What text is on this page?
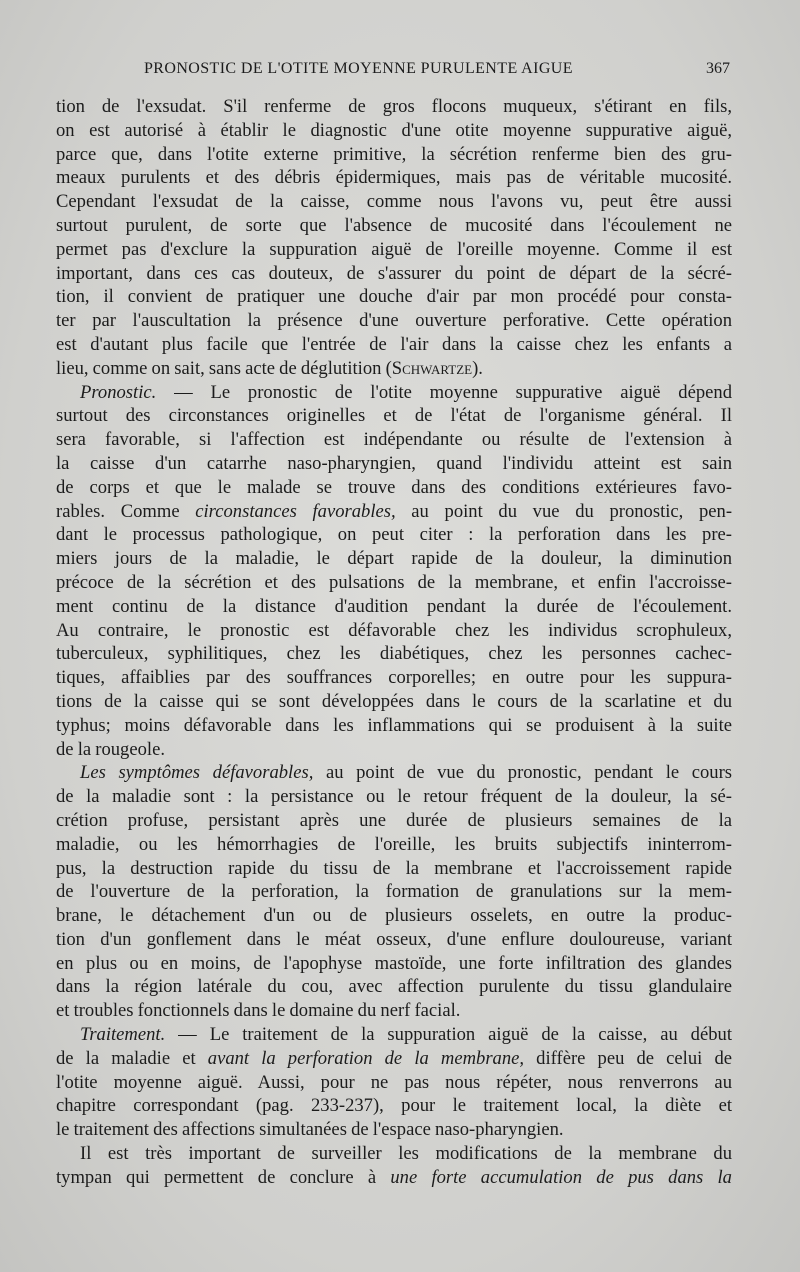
PRONOSTIC DE L'OTITE MOYENNE PURULENTE AIGUE	367
tion de l'exsudat. S'il renferme de gros flocons muqueux, s'étirant en fils,
on est autorisé à établir le diagnostic d'une otite moyenne suppurative aiguë,
parce que, dans l'otite externe primitive, la sécrétion renferme bien des gru-
meaux purulents et des débris épidermiques, mais pas de véritable mucosité.
Cependant l'exsudat de la caisse, comme nous l'avons vu, peut être aussi
surtout purulent, de sorte que l'absence de mucosité dans l'écoulement ne
permet pas d'exclure la suppuration aiguë de l'oreille moyenne. Comme il est
important, dans ces cas douteux, de s'assurer du point de départ de la sécré-
tion, il convient de pratiquer une douche d'air par mon procédé pour consta-
ter par l'auscultation la présence d'une ouverture perforative. Cette opération
est d'autant plus facile que l'entrée de l'air dans la caisse chez les enfants a
lieu, comme on sait, sans acte de déglutition (Schwartze).
Pronostic. — Le pronostic de l'otite moyenne suppurative aiguë dépend
surtout des circonstances originelles et de l'état de l'organisme général. Il
sera favorable, si l'affection est indépendante ou résulte de l'extension à
la caisse d'un catarrhe naso-pharyngien, quand l'individu atteint est sain
de corps et que le malade se trouve dans des conditions extérieures favo-
rables. Comme circonstances favorables, au point du vue du pronostic, pen-
dant le processus pathologique, on peut citer : la perforation dans les pre-
miers jours de la maladie, le départ rapide de la douleur, la diminution
précoce de la sécrétion et des pulsations de la membrane, et enfin l'accroisse-
ment continu de la distance d'audition pendant la durée de l'écoulement.
Au contraire, le pronostic est défavorable chez les individus scrophuleux,
tuberculeux, syphilitiques, chez les diabétiques, chez les personnes cachec-
tiques, affaiblies par des souffrances corporelles; en outre pour les suppura-
tions de la caisse qui se sont développées dans le cours de la scarlatine et du
typhus; moins défavorable dans les inflammations qui se produisent à la suite
de la rougeole.
Les symptômes défavorables, au point de vue du pronostic, pendant le cours
de la maladie sont : la persistance ou le retour fréquent de la douleur, la sé-
crétion profuse, persistant après une durée de plusieurs semaines de la
maladie, ou les hémorrhagies de l'oreille, les bruits subjectifs ininterrom-
pus, la destruction rapide du tissu de la membrane et l'accroissement rapide
de l'ouverture de la perforation, la formation de granulations sur la mem-
brane, le détachement d'un ou de plusieurs osselets, en outre la produc-
tion d'un gonflement dans le méat osseux, d'une enflure douloureuse, variant
en plus ou en moins, de l'apophyse mastoïde, une forte infiltration des glandes
dans la région latérale du cou, avec affection purulente du tissu glandulaire
et troubles fonctionnels dans le domaine du nerf facial.
Traitement. — Le traitement de la suppuration aiguë de la caisse, au début
de la maladie et avant la perforation de la membrane, diffère peu de celui de
l'otite moyenne aiguë. Aussi, pour ne pas nous répéter, nous renverrons au
chapitre correspondant (pag. 233-237), pour le traitement local, la diète et
le traitement des affections simultanées de l'espace naso-pharyngien.
Il est très important de surveiller les modifications de la membrane du
tympan qui permettent de conclure à une forte accumulation de pus dans la
